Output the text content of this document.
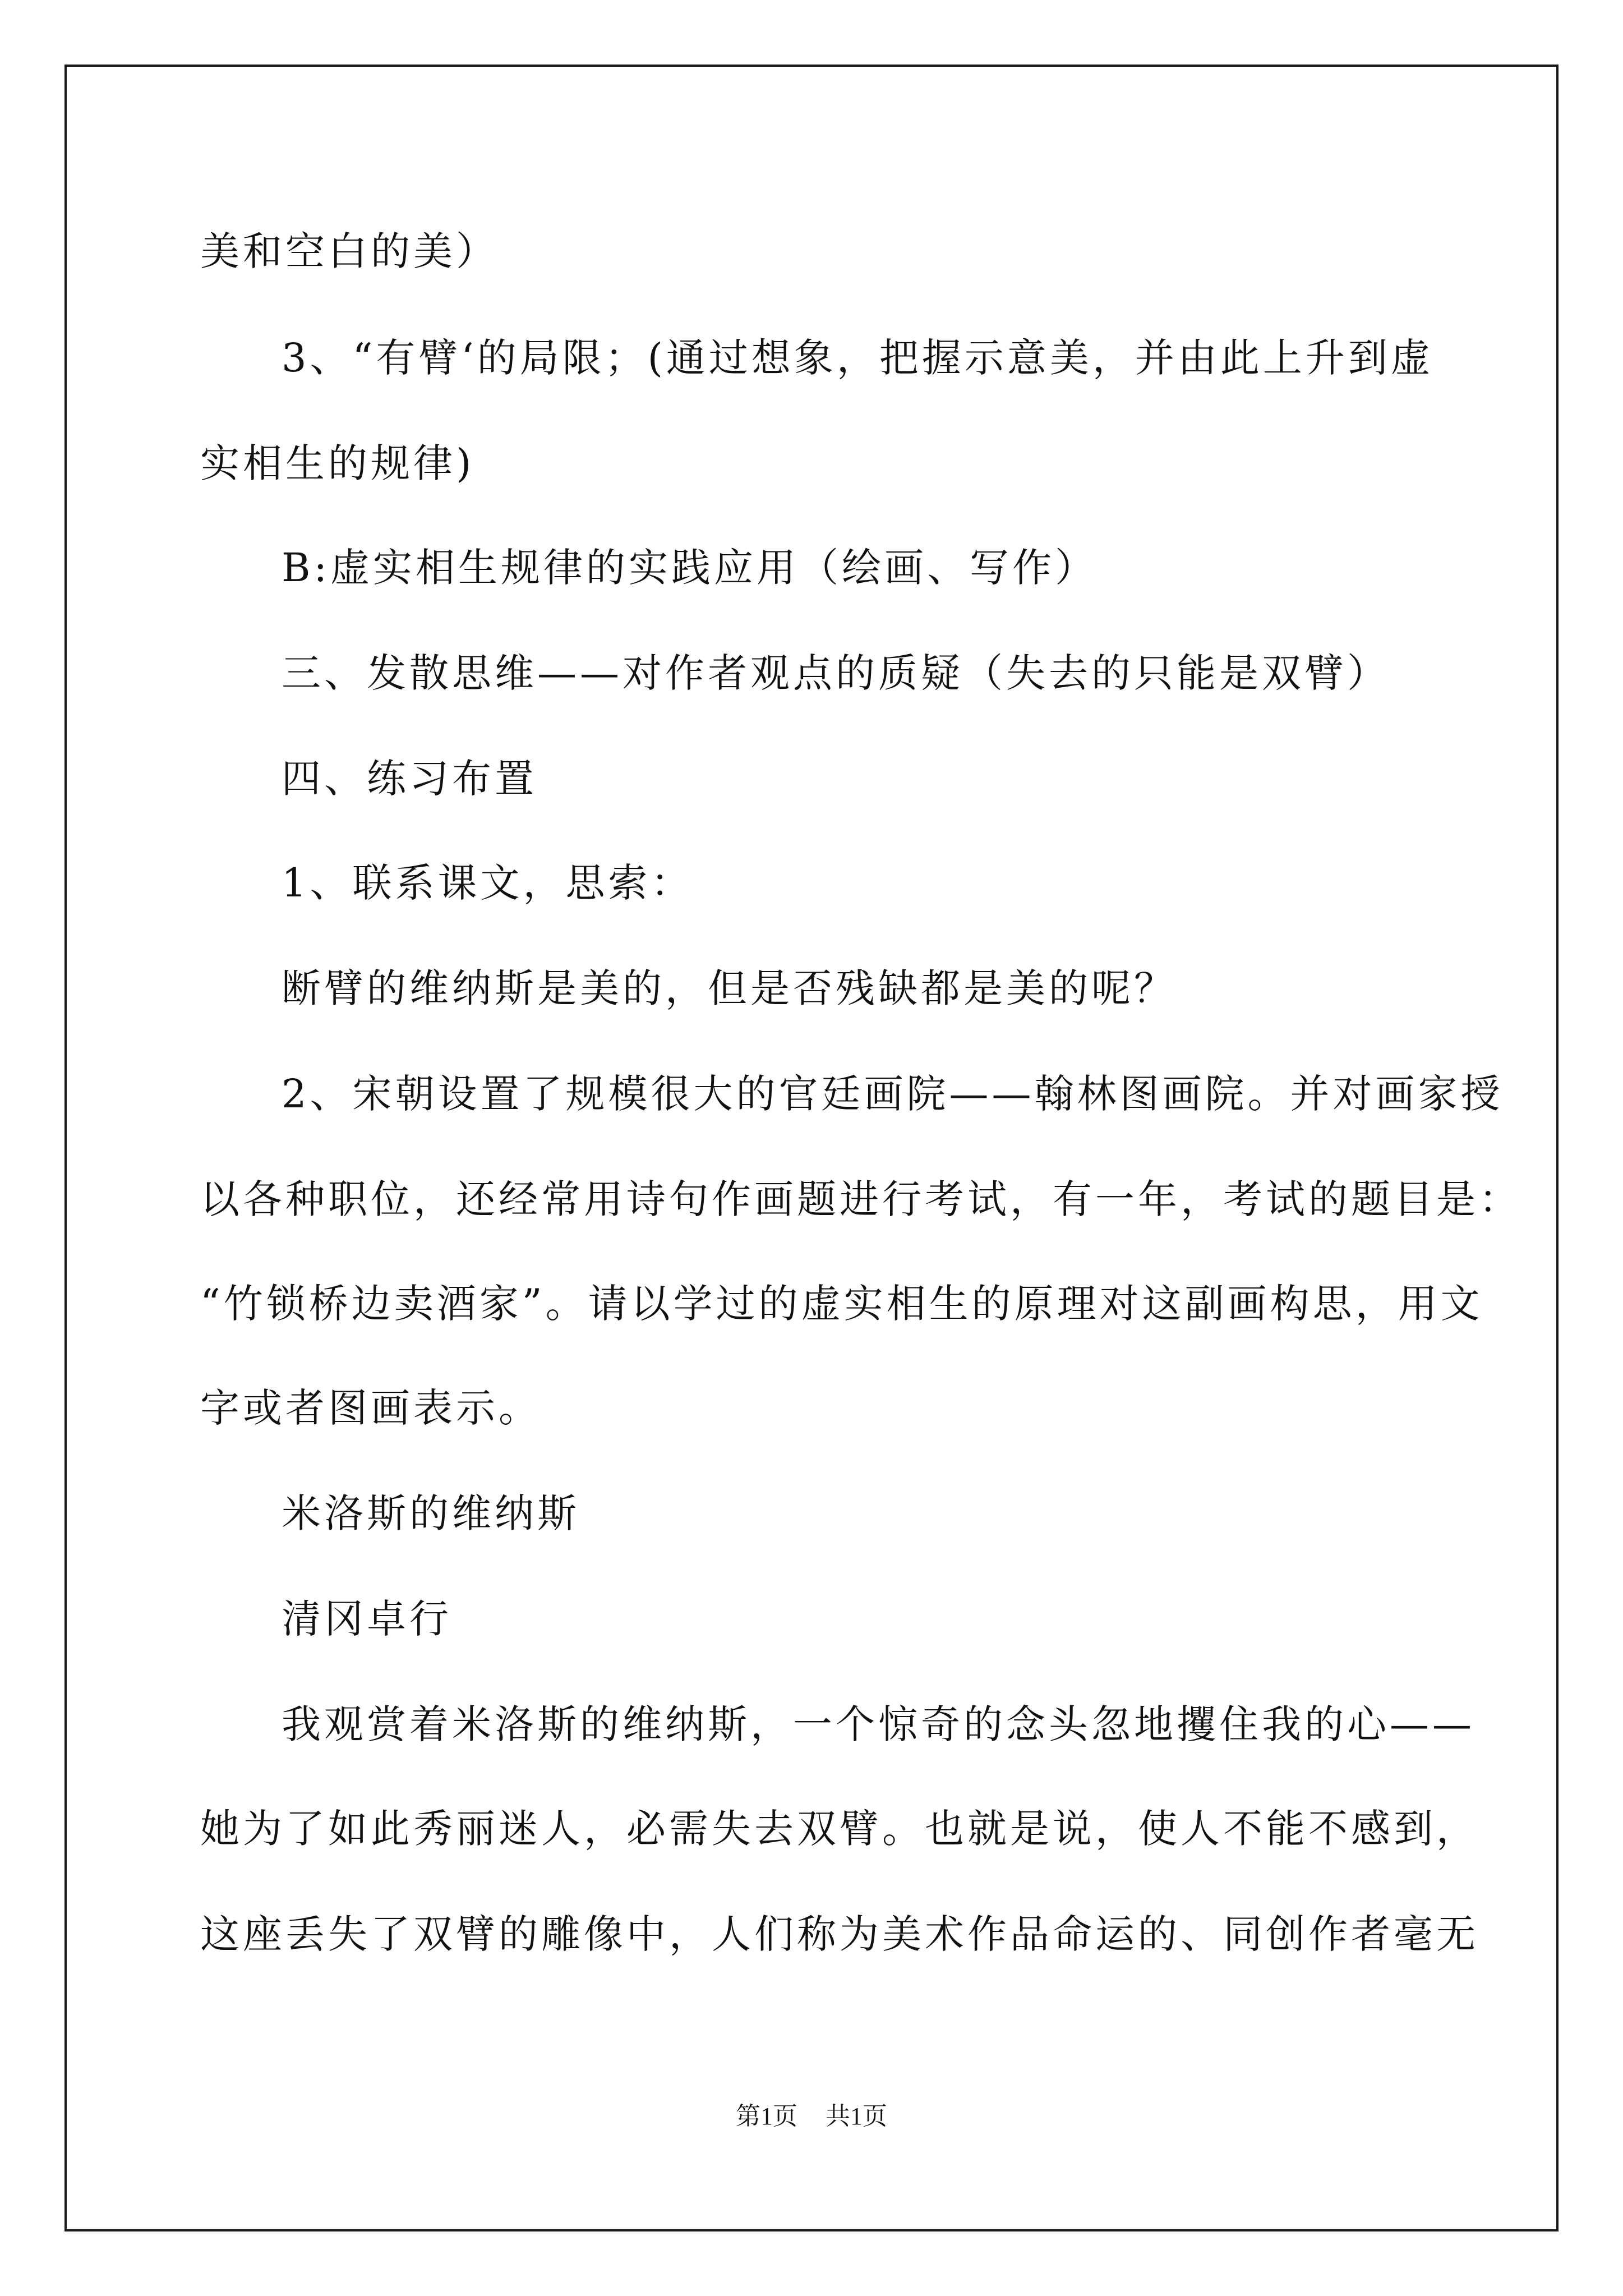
美和空白的美）

3、“有臂‘的局限；(通过想象，把握示意美，并由此上升到虚

实相生的规律)

B:虚实相生规律的实践应用（绘画、写作）

三、发散思维——对作者观点的质疑（失去的只能是双臂）

四、练习布置

1、联系课文，思索：

断臂的维纳斯是美的，但是否残缺都是美的呢？

2、宋朝设置了规模很大的官廷画院——翰林图画院。并对画家授

以各种职位，还经常用诗句作画题进行考试，有一年，考试的题目是：

“竹锁桥边卖酒家”。请以学过的虚实相生的原理对这副画构思，用文

字或者图画表示。

米洛斯的维纳斯

清冈卓行

我观赏着米洛斯的维纳斯，一个惊奇的念头忽地攫住我的心——

她为了如此秀丽迷人，必需失去双臂。也就是说，使人不能不感到，

这座丢失了双臂的雕像中，人们称为美术作品命运的、同创作者毫无

第1页 共1页
